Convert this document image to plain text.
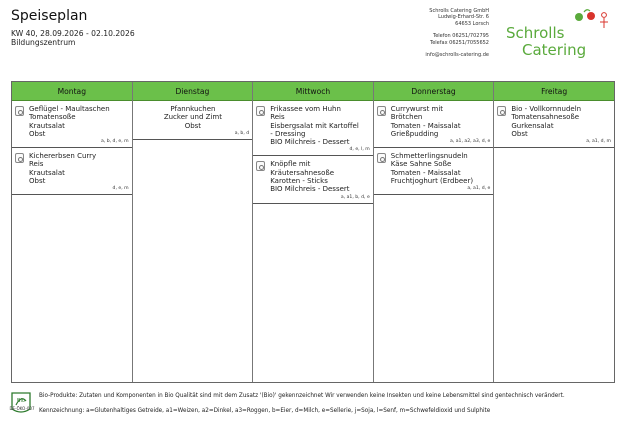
Speiseplan
KW 40, 28.09.2026 - 02.10.2026
Bildungszentrum
Schrolls Catering GmbH
Ludwig-Erhard-Str. 6
64653 Lorsch
Telefon 06251/702795
Telefax 06251/7055652
info@schrolls-catering.de
Schrolls
Catering
Montag
Geflügel - Maultaschen
Tomatensoße
Krautsalat
Obst
a, b, d, e, m
Kichererbsen Curry
Reis
Krautsalat
Obst
d, e, m
Dienstag
Pfannkuchen
Zucker und Zimt
Obst
a, b, d
Mittwoch
Frikassee vom Huhn
Reis
Eisbergsalat mit Kartoffel
- Dressing
BIO Milchreis - Dessert
d, e, l, m
Knöpfle mit
Kräutersahnesoße
Karotten - Sticks
BIO Milchreis - Dessert
a, a1, b, d, e
Donnerstag
Currywurst mit
Brötchen
Tomaten - Maissalat
Grießpudding
a, a1, a2, a3, d, e
Schmetterlingsnudeln
Käse Sahne Soße
Tomaten - Maissalat
Fruchtjoghurt (Erdbeer)
a, a1, d, e
Freitag
Bio - Vollkornnudeln
Tomatensahnesoße
Gurkensalat
Obst
a, a1, d, m
Bio
DE-ÖKO-007
Bio-Produkte: Zutaten und Komponenten in Bio Qualität sind mit dem Zusatz '(Bio)' gekennzeichnet Wir verwenden keine Insekten und keine Lebensmittel sind gentechnisch verändert.
Kennzeichnung: a=Glutenhaltiges Getreide, a1=Weizen, a2=Dinkel, a3=Roggen, b=Eier, d=Milch, e=Sellerie, j=Soja, l=Senf, m=Schwefeldioxid und Sulphite
